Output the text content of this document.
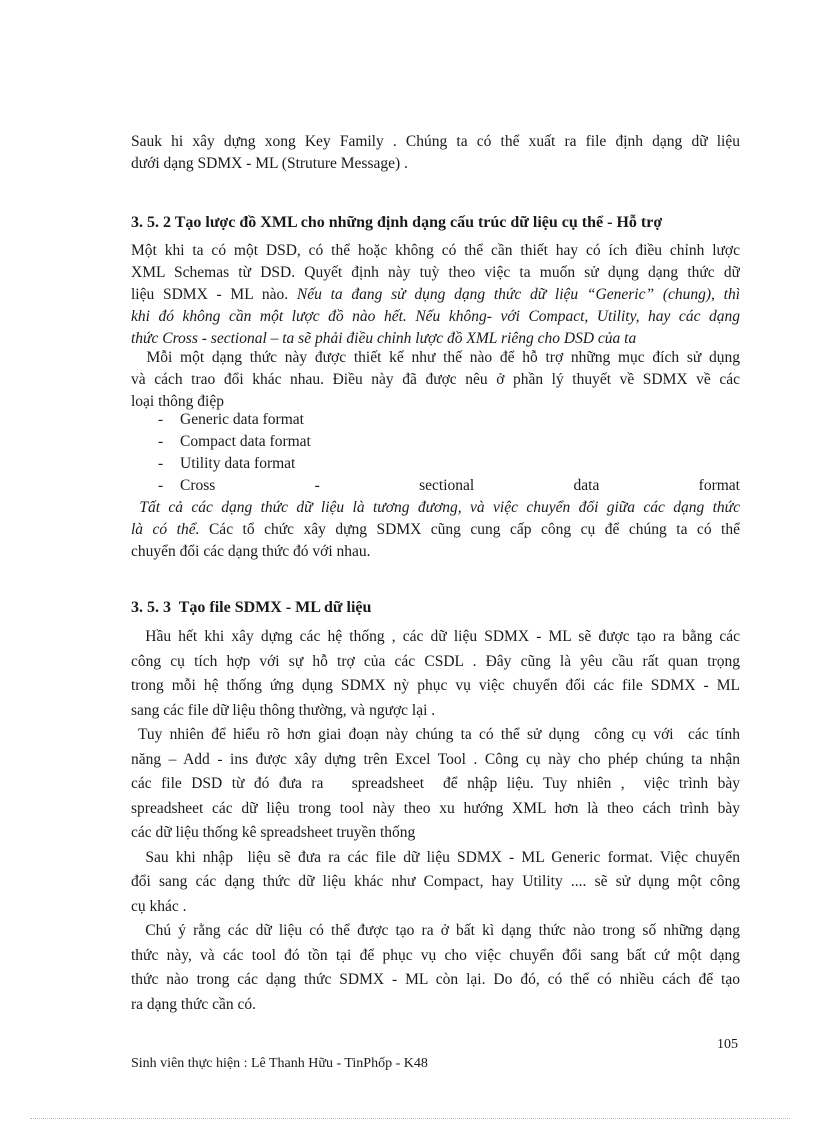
Sauk hi xây dựng xong Key Family . Chúng ta có thể xuất ra file định dạng dữ liệu
dưới dạng SDMX - ML (Struture Message) .
3. 5. 2 Tạo lược đồ XML cho những định dạng cấu trúc dữ liệu cụ thể - Hỗ trợ
Một khi ta có một DSD, có thể hoặc không có thể cần thiết hay có ích điều chỉnh lược
XML Schemas từ DSD. Quyết định này tuỳ theo việc ta muốn sử dụng dạng thức dữ
liệu SDMX - ML nào. Nếu ta đang sử dụng dạng thức dữ liệu “Generic” (chung), thì
khi đó không cần một lược đồ nào hết. Nếu không- với Compact, Utility, hay các dạng
thức Cross - sectional – ta sẽ phải điều chỉnh lược đồ XML riêng cho DSD của ta
Mỗi một dạng thức này được thiết kế như thế nào để hỗ trợ những mục đích sử dụng
và cách trao đổi khác nhau. Điều này đã được nêu ở phần lý thuyết về SDMX về các
loại thông điệp
- Generic data format
- Compact data format
- Utility data format
-	Cross	-	sectional	data	format
Tất cả các dạng thức dữ liệu là tương đương, và việc chuyển đổi giữa các dạng thức
là có thể. Các tổ chức xây dựng SDMX cũng cung cấp công cụ để chúng ta có thể
chuyển đổi các dạng thức đó với nhau.
3. 5. 3  Tạo file SDMX - ML dữ liệu
Hầu hết khi xây dựng các hệ thống , các dữ liệu SDMX - ML sẽ được tạo ra bằng các
công cụ tích hợp với sự hỗ trợ của các CSDL . Đây cũng là yêu cầu rất quan trọng
trong mỗi hệ thống ứng dụng SDMX nỳ phục vụ việc chuyển đổi các file SDMX - ML
sang các file dữ liệu thông thường, và ngược lại .
Tuy nhiên để hiểu rõ hơn giai đoạn này chúng ta có thể sử dụng  công cụ với  các tính
năng – Add - ins được xây dựng trên Excel Tool . Công cụ này cho phép chúng ta nhận
các file DSD từ đó đưa ra   spreadsheet  để nhập liệu. Tuy nhiên ,  việc trình bày
spreadsheet các dữ liệu trong tool này theo xu hướng XML hơn là theo cách trình bày
các dữ liệu thống kê spreadsheet truyền thống
Sau khi nhập  liệu sẽ đưa ra các file dữ liệu SDMX - ML Generic format. Việc chuyển
đổi sang các dạng thức dữ liệu khác như Compact, hay Utility .... sẽ sử dụng một công
cụ khác .
Chú ý rằng các dữ liệu có thể được tạo ra ở bất kì dạng thức nào trong số những dạng
thức này, và các tool đó tồn tại để phục vụ cho việc chuyển đổi sang bất cứ một dạng
thức nào trong các dạng thức SDMX - ML còn lại. Do đó, có thể có nhiều cách để tạo
ra dạng thức cần có.
105
Sinh viên thực hiện : Lê Thanh Hữu - TinPhốp - K48
